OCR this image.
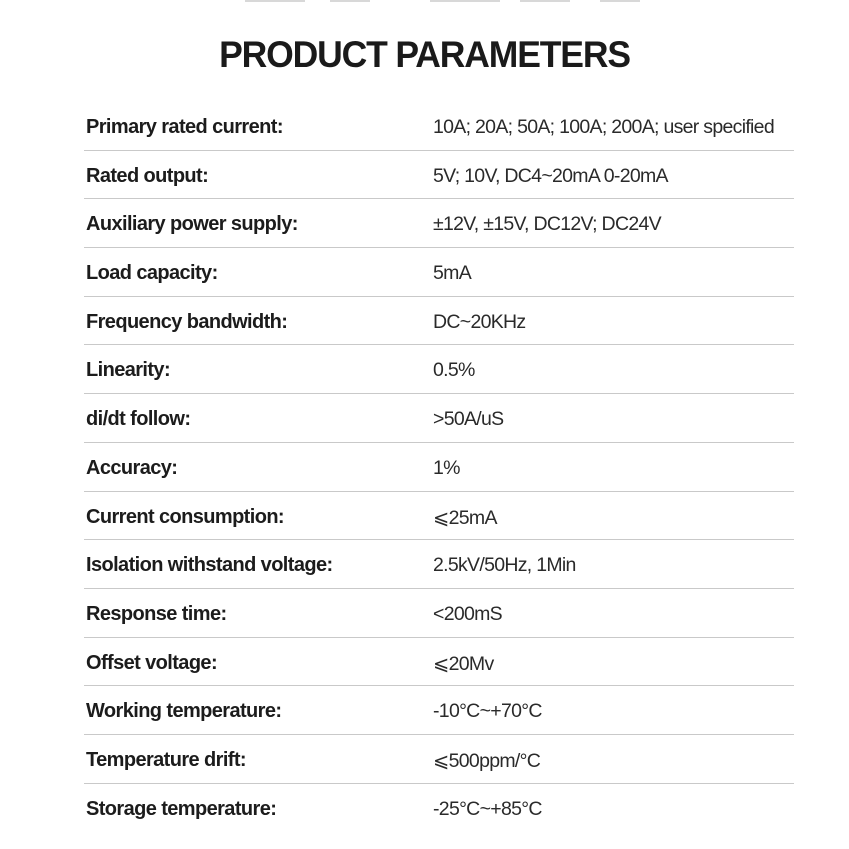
PRODUCT PARAMETERS
Primary rated current:	10A; 20A; 50A; 100A; 200A; user specified
Rated output:	5V; 10V, DC4~20mA 0-20mA
Auxiliary power supply:	±12V, ±15V, DC12V; DC24V
Load capacity:	5mA
Frequency bandwidth:	DC~20KHz
Linearity:	0.5%
di/dt follow:	>50A/uS
Accuracy:	1%
Current consumption:	⩽25mA
Isolation withstand voltage:	2.5kV/50Hz, 1Min
Response time:	<200mS
Offset voltage:	⩽20Mv
Working temperature:	-10°C~+70°C
Temperature drift:	⩽500ppm/°C
Storage temperature:	-25°C~+85°C
